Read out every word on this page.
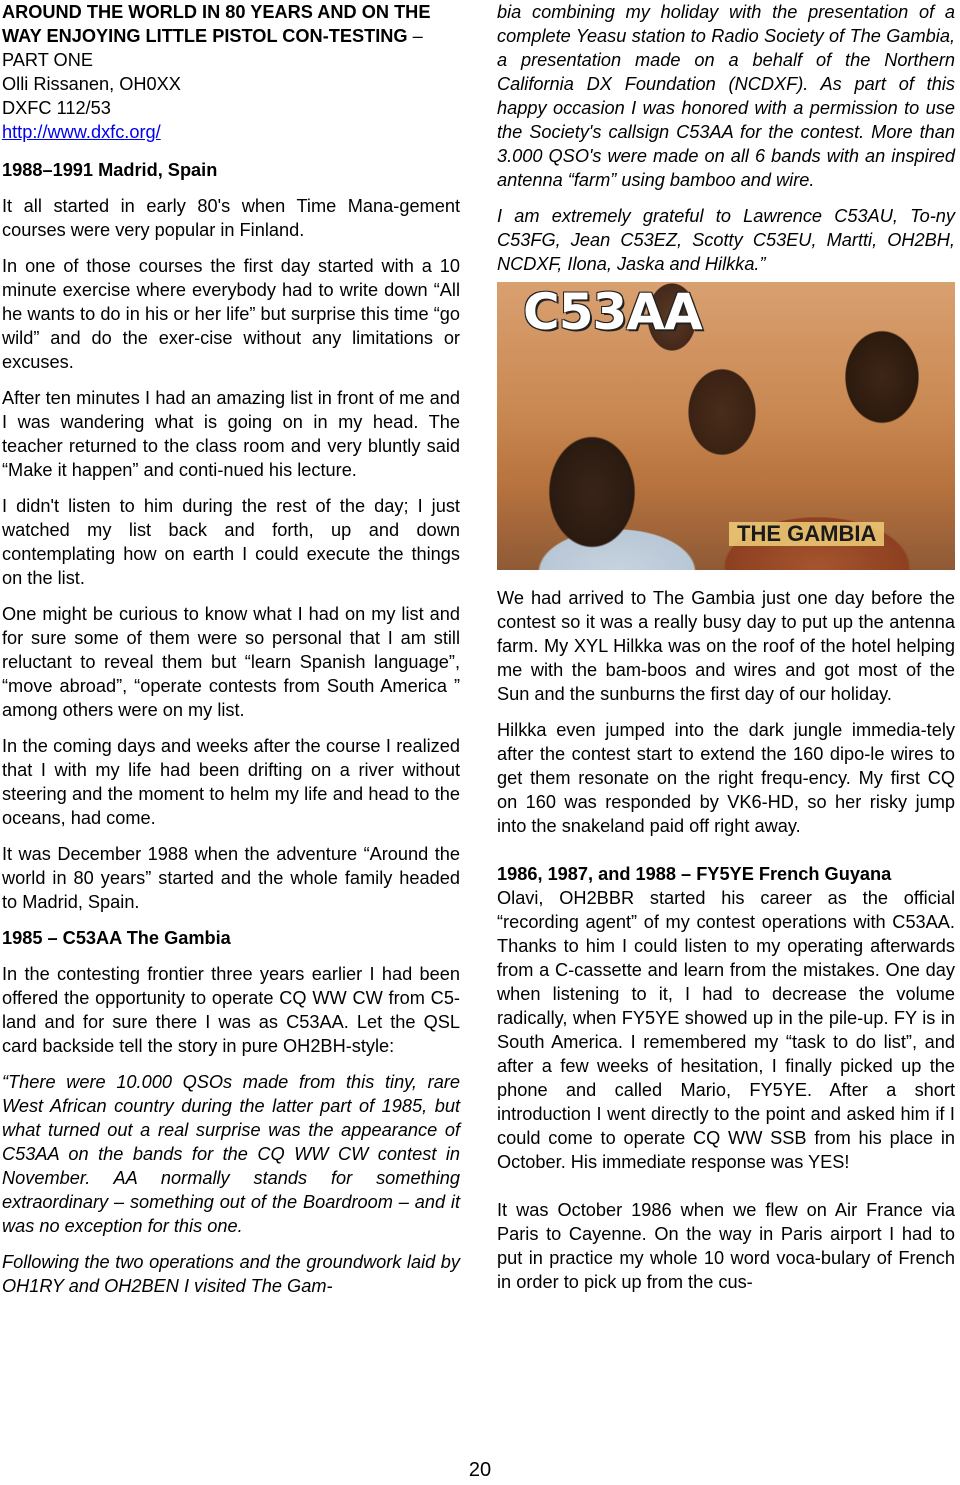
AROUND THE WORLD IN 80 YEARS AND ON THE WAY ENJOYING LITTLE PISTOL CON-TESTING – PART ONE
Olli Rissanen, OH0XX
DXFC 112/53
http://www.dxfc.org/

1988–1991 Madrid, Spain

It all started in early 80's when Time Mana-gement courses were very popular in Finland.

In one of those courses the first day started with a 10 minute exercise where everybody had to write down “All he wants to do in his or her life” but surprise this time “go wild” and do the exer-cise without any limitations or excuses.

After ten minutes I had an amazing list in front of me and I was wandering what is going on in my head. The teacher returned to the class room and very bluntly said “Make it happen” and conti-nued his lecture.

I didn't listen to him during the rest of the day; I just watched my list back and forth, up and down contemplating how on earth I could execute the things on the list.

One might be curious to know what I had on my list and for sure some of them were so personal that I am still reluctant to reveal them but “learn Spanish language”, “move abroad”, “operate contests from South America ” among others were on my list.

In the coming days and weeks after the course I realized that I with my life had been drifting on a river without steering and the moment to helm my life and head to the oceans, had come.

It was December 1988 when the adventure “Around the world in 80 years” started and the whole family headed to Madrid, Spain.

1985 – C53AA The Gambia

In the contesting frontier three years earlier I had been offered the opportunity to operate CQ WW CW from C5-land and for sure there I was as C53AA. Let the QSL card backside tell the story in pure OH2BH-style:

“There were 10.000 QSOs made from this tiny, rare West African country during the latter part of 1985, but what turned out a real surprise was the appearance of C53AA on the bands for the CQ WW CW contest in November. AA normally stands for something extraordinary – something out of the Boardroom – and it was no exception for this one.

Following the two operations and the groundwork laid by OH1RY and OH2BEN I visited The Gam-

bia combining my holiday with the presentation of a complete Yeasu station to Radio Society of The Gambia, a presentation made on a behalf of the Northern California DX Foundation (NCDXF). As part of this happy occasion I was honored with a permission to use the Society's callsign C53AA for the contest. More than 3.000 QSO's were made on all 6 bands with an inspired antenna “farm” using bamboo and wire.

I am extremely grateful to Lawrence C53AU, To-ny C53FG, Jean C53EZ, Scotty C53EU, Martti, OH2BH, NCDXF, Ilona, Jaska and Hilkka.”

C53AA
THE GAMBIA

We had arrived to The Gambia just one day before the contest so it was a really busy day to put up the antenna farm. My XYL Hilkka was on the roof of the hotel helping me with the bam-boos and wires and got most of the Sun and the sunburns the first day of our holiday.

Hilkka even jumped into the dark jungle immedia-tely after the contest start to extend the 160 dipo-le wires to get them resonate on the right frequ-ency. My first CQ on 160 was responded by VK6-HD, so her risky jump into the snakeland paid off right away.

1986, 1987, and 1988 – FY5YE French Guyana

Olavi, OH2BBR started his career as the official “recording agent” of my contest operations with C53AA. Thanks to him I could listen to my operating afterwards from a C-cassette and learn from the mistakes. One day when listening to it, I had to decrease the volume radically, when FY5YE showed up in the pile-up. FY is in South America. I remembered my “task to do list”, and after a few weeks of hesitation, I finally picked up the phone and called Mario, FY5YE. After a short introduction I went directly to the point and asked him if I could come to operate CQ WW SSB from his place in October. His immediate response was YES!

It was October 1986 when we flew on Air France via Paris to Cayenne. On the way in Paris airport I had to put in practice my whole 10 word voca-bulary of French in order to pick up from the cus-

20
